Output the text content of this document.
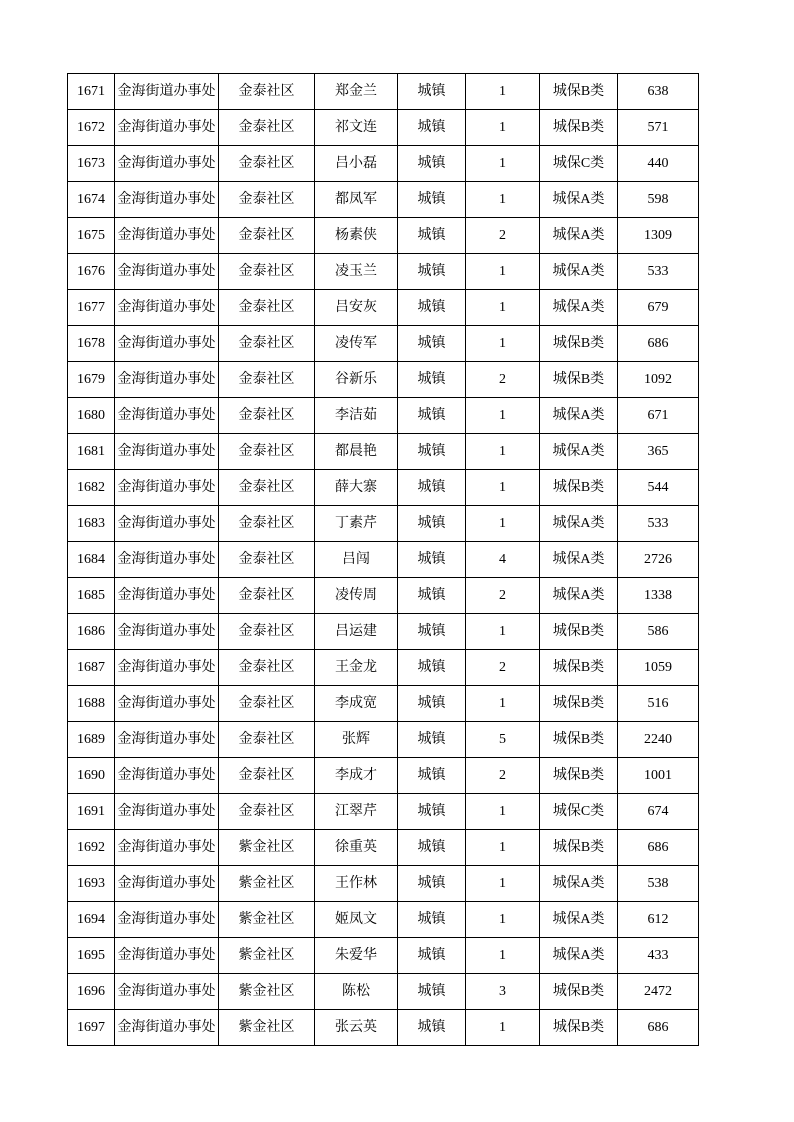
1671	金海街道办事处	金泰社区	郑金兰	城镇	1	城保B类	638
1672	金海街道办事处	金泰社区	祁文连	城镇	1	城保B类	571
1673	金海街道办事处	金泰社区	吕小磊	城镇	1	城保C类	440
1674	金海街道办事处	金泰社区	都凤军	城镇	1	城保A类	598
1675	金海街道办事处	金泰社区	杨素侠	城镇	2	城保A类	1309
1676	金海街道办事处	金泰社区	凌玉兰	城镇	1	城保A类	533
1677	金海街道办事处	金泰社区	吕安灰	城镇	1	城保A类	679
1678	金海街道办事处	金泰社区	凌传军	城镇	1	城保B类	686
1679	金海街道办事处	金泰社区	谷新乐	城镇	2	城保B类	1092
1680	金海街道办事处	金泰社区	李洁茹	城镇	1	城保A类	671
1681	金海街道办事处	金泰社区	都晨艳	城镇	1	城保A类	365
1682	金海街道办事处	金泰社区	薛大寨	城镇	1	城保B类	544
1683	金海街道办事处	金泰社区	丁素芹	城镇	1	城保A类	533
1684	金海街道办事处	金泰社区	吕闯	城镇	4	城保A类	2726
1685	金海街道办事处	金泰社区	凌传周	城镇	2	城保A类	1338
1686	金海街道办事处	金泰社区	吕运建	城镇	1	城保B类	586
1687	金海街道办事处	金泰社区	王金龙	城镇	2	城保B类	1059
1688	金海街道办事处	金泰社区	李成宽	城镇	1	城保B类	516
1689	金海街道办事处	金泰社区	张辉	城镇	5	城保B类	2240
1690	金海街道办事处	金泰社区	李成才	城镇	2	城保B类	1001
1691	金海街道办事处	金泰社区	江翠芹	城镇	1	城保C类	674
1692	金海街道办事处	紫金社区	徐重英	城镇	1	城保B类	686
1693	金海街道办事处	紫金社区	王作林	城镇	1	城保A类	538
1694	金海街道办事处	紫金社区	姬凤文	城镇	1	城保A类	612
1695	金海街道办事处	紫金社区	朱爱华	城镇	1	城保A类	433
1696	金海街道办事处	紫金社区	陈松	城镇	3	城保B类	2472
1697	金海街道办事处	紫金社区	张云英	城镇	1	城保B类	686
